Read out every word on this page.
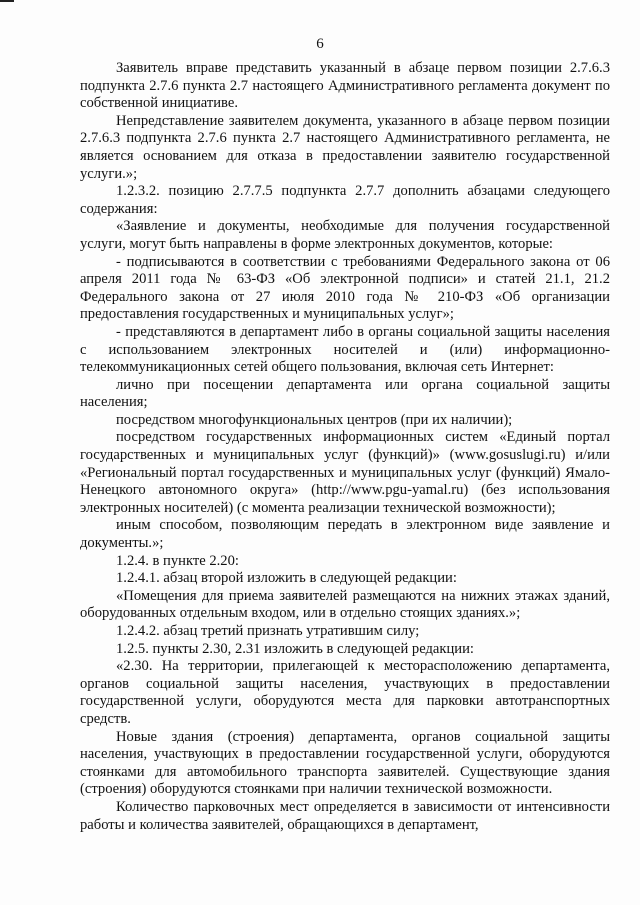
6

Заявитель вправе представить указанный в абзаце первом позиции 2.7.6.3 подпункта 2.7.6 пункта 2.7 настоящего Административного регламента документ по собственной инициативе.

Непредставление заявителем документа, указанного в абзаце первом позиции 2.7.6.3 подпункта 2.7.6 пункта 2.7 настоящего Административного регламента, не является основанием для отказа в предоставлении заявителю государственной услуги.»;

1.2.3.2. позицию 2.7.7.5 подпункта 2.7.7 дополнить абзацами следующего содержания:

«Заявление и документы, необходимые для получения государственной услуги, могут быть направлены в форме электронных документов, которые:

- подписываются в соответствии с требованиями Федерального закона от 06 апреля 2011 года № 63-ФЗ «Об электронной подписи» и статей 21.1, 21.2 Федерального закона от 27 июля 2010 года № 210-ФЗ «Об организации предоставления государственных и муниципальных услуг»;

- представляются в департамент либо в органы социальной защиты населения с использованием электронных носителей и (или) информационно-телекоммуникационных сетей общего пользования, включая сеть Интернет:

лично при посещении департамента или органа социальной защиты населения;

посредством многофункциональных центров (при их наличии);

посредством государственных информационных систем «Единый портал государственных и муниципальных услуг (функций)» (www.gosuslugi.ru) и/или «Региональный портал государственных и муниципальных услуг (функций) Ямало-Ненецкого автономного округа» (http://www.pgu-yamal.ru) (без использования электронных носителей) (с момента реализации технической возможности);

иным способом, позволяющим передать в электронном виде заявление и документы.»;

1.2.4. в пункте 2.20:

1.2.4.1. абзац второй изложить в следующей редакции:

«Помещения для приема заявителей размещаются на нижних этажах зданий, оборудованных отдельным входом, или в отдельно стоящих зданиях.»;

1.2.4.2. абзац третий признать утратившим силу;

1.2.5. пункты 2.30, 2.31 изложить в следующей редакции:

«2.30. На территории, прилегающей к месторасположению департамента, органов социальной защиты населения, участвующих в предоставлении государственной услуги, оборудуются места для парковки автотранспортных средств.

Новые здания (строения) департамента, органов социальной защиты населения, участвующих в предоставлении государственной услуги, оборудуются стоянками для автомобильного транспорта заявителей. Существующие здания (строения) оборудуются стоянками при наличии технической возможности.

Количество парковочных мест определяется в зависимости от интенсивности работы и количества заявителей, обращающихся в департамент,
